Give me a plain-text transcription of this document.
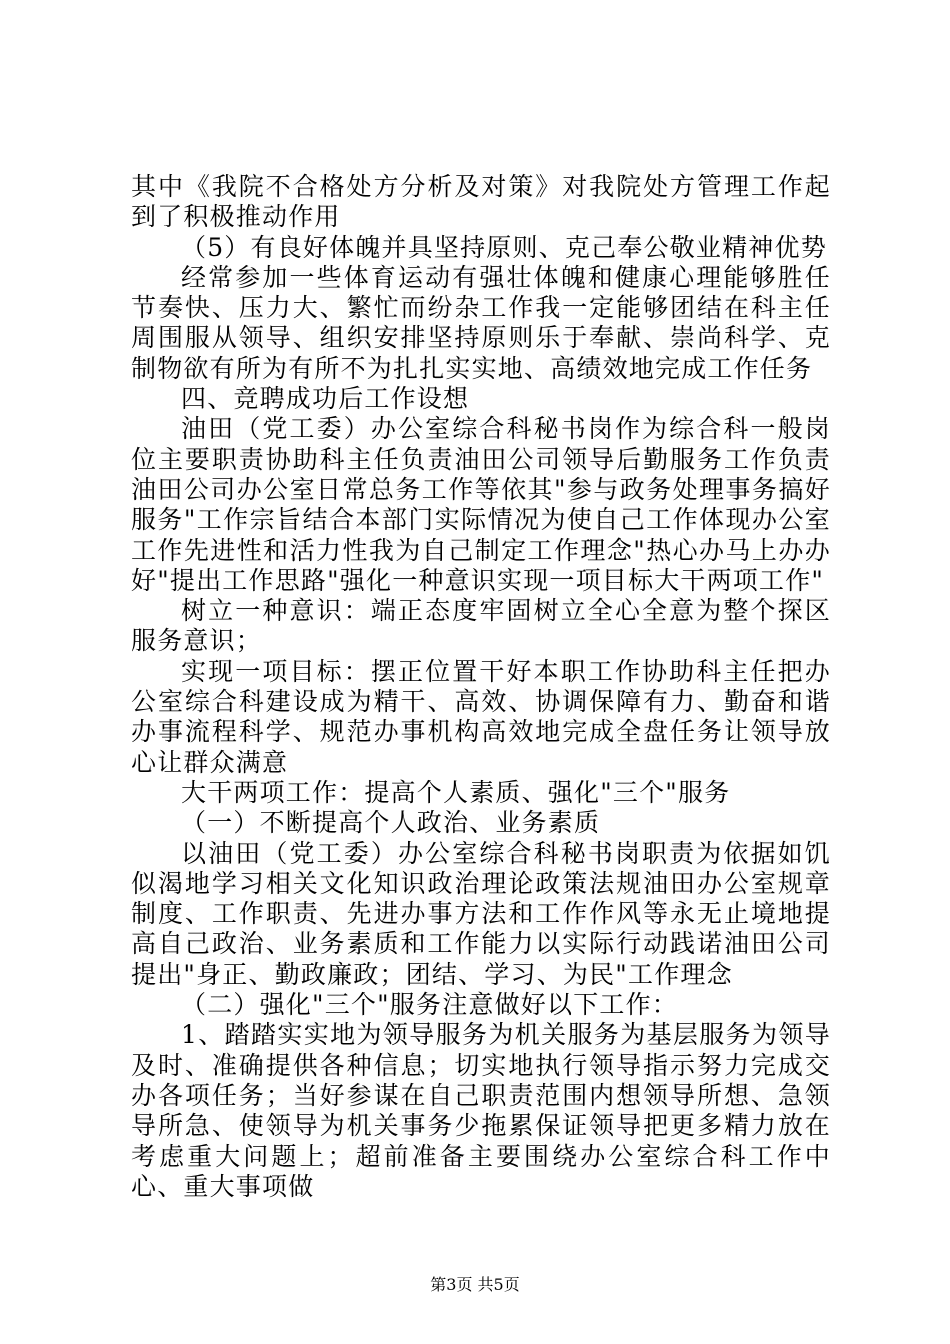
其中《我院不合格处方分析及对策》对我院处方管理工作起到了积极推动作用

（5）有良好体魄并具坚持原则、克己奉公敬业精神优势

经常参加一些体育运动有强壮体魄和健康心理能够胜任节奏快、压力大、繁忙而纷杂工作我一定能够团结在科主任周围服从领导、组织安排坚持原则乐于奉献、崇尚科学、克制物欲有所为有所不为扎扎实实地、高绩效地完成工作任务

四、竞聘成功后工作设想

油田（党工委）办公室综合科秘书岗作为综合科一般岗位主要职责协助科主任负责油田公司领导后勤服务工作负责油田公司办公室日常总务工作等依其"参与政务处理事务搞好服务"工作宗旨结合本部门实际情况为使自己工作体现办公室工作先进性和活力性我为自己制定工作理念"热心办马上办办好"提出工作思路"强化一种意识实现一项目标大干两项工作"

树立一种意识：端正态度牢固树立全心全意为整个探区服务意识；

实现一项目标：摆正位置干好本职工作协助科主任把办公室综合科建设成为精干、高效、协调保障有力、勤奋和谐办事流程科学、规范办事机构高效地完成全盘任务让领导放心让群众满意

大干两项工作：提高个人素质、强化"三个"服务

（一）不断提高个人政治、业务素质

以油田（党工委）办公室综合科秘书岗职责为依据如饥似渴地学习相关文化知识政治理论政策法规油田办公室规章制度、工作职责、先进办事方法和工作作风等永无止境地提高自己政治、业务素质和工作能力以实际行动践诺油田公司提出"身正、勤政廉政；团结、学习、为民"工作理念

（二）强化"三个"服务注意做好以下工作：

1、踏踏实实地为领导服务为机关服务为基层服务为领导及时、准确提供各种信息；切实地执行领导指示努力完成交办各项任务；当好参谋在自己职责范围内想领导所想、急领导所急、使领导为机关事务少拖累保证领导把更多精力放在考虑重大问题上；超前准备主要围绕办公室综合科工作中心、重大事项做

第3页 共5页
